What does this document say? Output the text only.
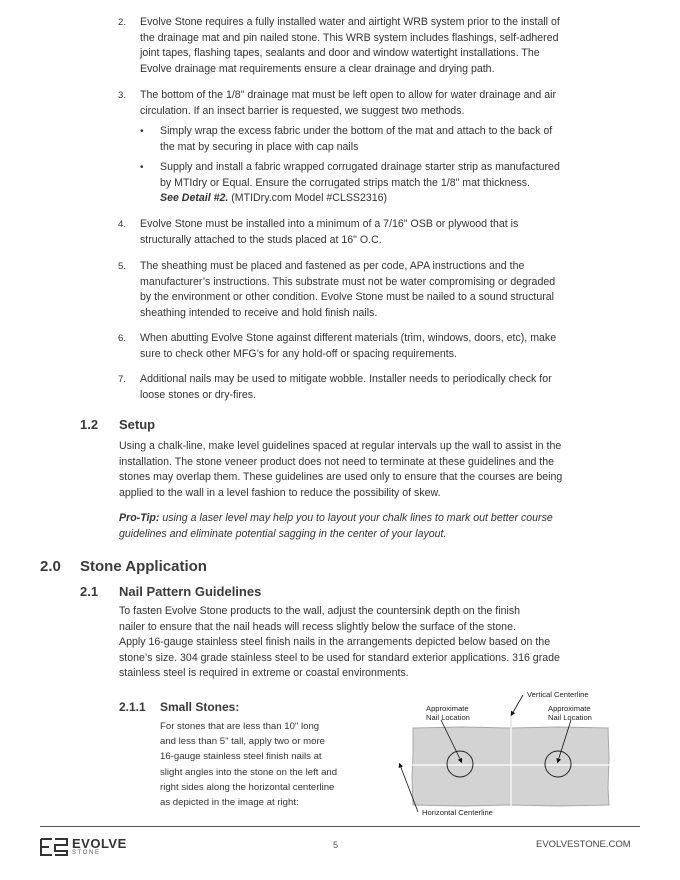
2. Evolve Stone requires a fully installed water and airtight WRB system prior to the install of
the drainage mat and pin nailed stone. This WRB system includes flashings, self-adhered
joint tapes, flashing tapes, sealants and door and window watertight installations. The
Evolve drainage mat requirements ensure a clear drainage and drying path.
3. The bottom of the 1/8" drainage mat must be left open to allow for water drainage and air
circulation. If an insect barrier is requested, we suggest two methods.
• Simply wrap the excess fabric under the bottom of the mat and attach to the back of
the mat by securing in place with cap nails
• Supply and install a fabric wrapped corrugated drainage starter strip as manufactured
by MTIdry or Equal. Ensure the corrugated strips match the 1/8" mat thickness.
See Detail #2. (MTIDry.com Model #CLSS2316)
4. Evolve Stone must be installed into a minimum of a 7/16" OSB or plywood that is
structurally attached to the studs placed at 16" O.C.
5. The sheathing must be placed and fastened as per code, APA instructions and the
manufacturer’s instructions. This substrate must not be water compromising or degraded
by the environment or other condition. Evolve Stone must be nailed to a sound structural
sheathing intended to receive and hold finish nails.
6. When abutting Evolve Stone against different materials (trim, windows, doors, etc), make
sure to check other MFG’s for any hold-off or spacing requirements.
7. Additional nails may be used to mitigate wobble. Installer needs to periodically check for
loose stones or dry-fires.
1.2 Setup
Using a chalk-line, make level guidelines spaced at regular intervals up the wall to assist in the
installation. The stone veneer product does not need to terminate at these guidelines and the
stones may overlap them. These guidelines are used only to ensure that the courses are being
applied to the wall in a level fashion to reduce the possibility of skew.
Pro-Tip: using a laser level may help you to layout your chalk lines to mark out better course
guidelines and eliminate potential sagging in the center of your layout.
2.0 Stone Application
2.1 Nail Pattern Guidelines
To fasten Evolve Stone products to the wall, adjust the countersink depth on the finish
nailer to ensure that the nail heads will recess slightly below the surface of the stone.
Apply 16-gauge stainless steel finish nails in the arrangements depicted below based on the
stone’s size. 304 grade stainless steel to be used for standard exterior applications. 316 grade
stainless steel is required in extreme or coastal environments.
2.1.1 Small Stones:
For stones that are less than 10" long
and less than 5" tall, apply two or more
16-gauge stainless steel finish nails at
slight angles into the stone on the left and
right sides along the horizontal centerline
as depicted in the image at right:
Vertical Centerline
Approximate
Nail Location
Approximate
Nail Location
Horizontal Centerline
EVOLVE
STONE
5	EVOLVESTONE.COM
